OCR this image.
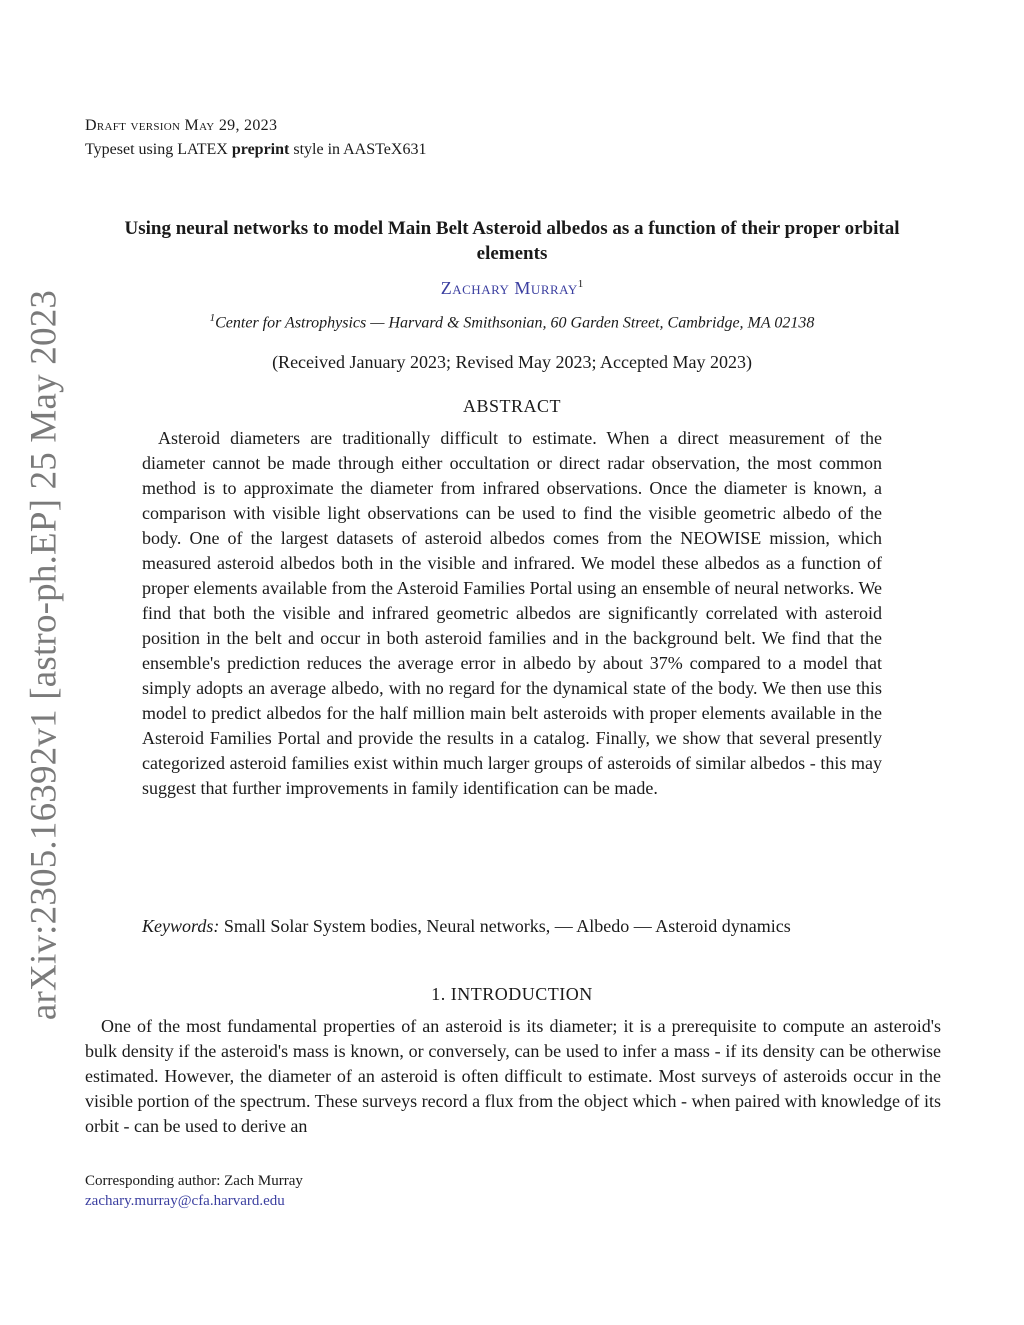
arXiv:2305.16392v1 [astro-ph.EP] 25 May 2023
Draft version May 29, 2023
Typeset using LATEX preprint style in AASTeX631
Using neural networks to model Main Belt Asteroid albedos as a function of their proper orbital elements
Zachary Murray$^1$
$^1$Center for Astrophysics — Harvard & Smithsonian, 60 Garden Street, Cambridge, MA 02138
(Received January 2023; Revised May 2023; Accepted May 2023)
ABSTRACT
Asteroid diameters are traditionally difficult to estimate. When a direct measurement of the diameter cannot be made through either occultation or direct radar observation, the most common method is to approximate the diameter from infrared observations. Once the diameter is known, a comparison with visible light observations can be used to find the visible geometric albedo of the body. One of the largest datasets of asteroid albedos comes from the NEOWISE mission, which measured asteroid albedos both in the visible and infrared. We model these albedos as a function of proper elements available from the Asteroid Families Portal using an ensemble of neural networks. We find that both the visible and infrared geometric albedos are significantly correlated with asteroid position in the belt and occur in both asteroid families and in the background belt. We find that the ensemble's prediction reduces the average error in albedo by about 37% compared to a model that simply adopts an average albedo, with no regard for the dynamical state of the body. We then use this model to predict albedos for the half million main belt asteroids with proper elements available in the Asteroid Families Portal and provide the results in a catalog. Finally, we show that several presently categorized asteroid families exist within much larger groups of asteroids of similar albedos - this may suggest that further improvements in family identification can be made.
Keywords: Small Solar System bodies, Neural networks, — Albedo — Asteroid dynamics
1. INTRODUCTION
One of the most fundamental properties of an asteroid is its diameter; it is a prerequisite to compute an asteroid's bulk density if the asteroid's mass is known, or conversely, can be used to infer a mass - if its density can be otherwise estimated. However, the diameter of an asteroid is often difficult to estimate. Most surveys of asteroids occur in the visible portion of the spectrum. These surveys record a flux from the object which - when paired with knowledge of its orbit - can be used to derive an
Corresponding author: Zach Murray
zachary.murray@cfa.harvard.edu
